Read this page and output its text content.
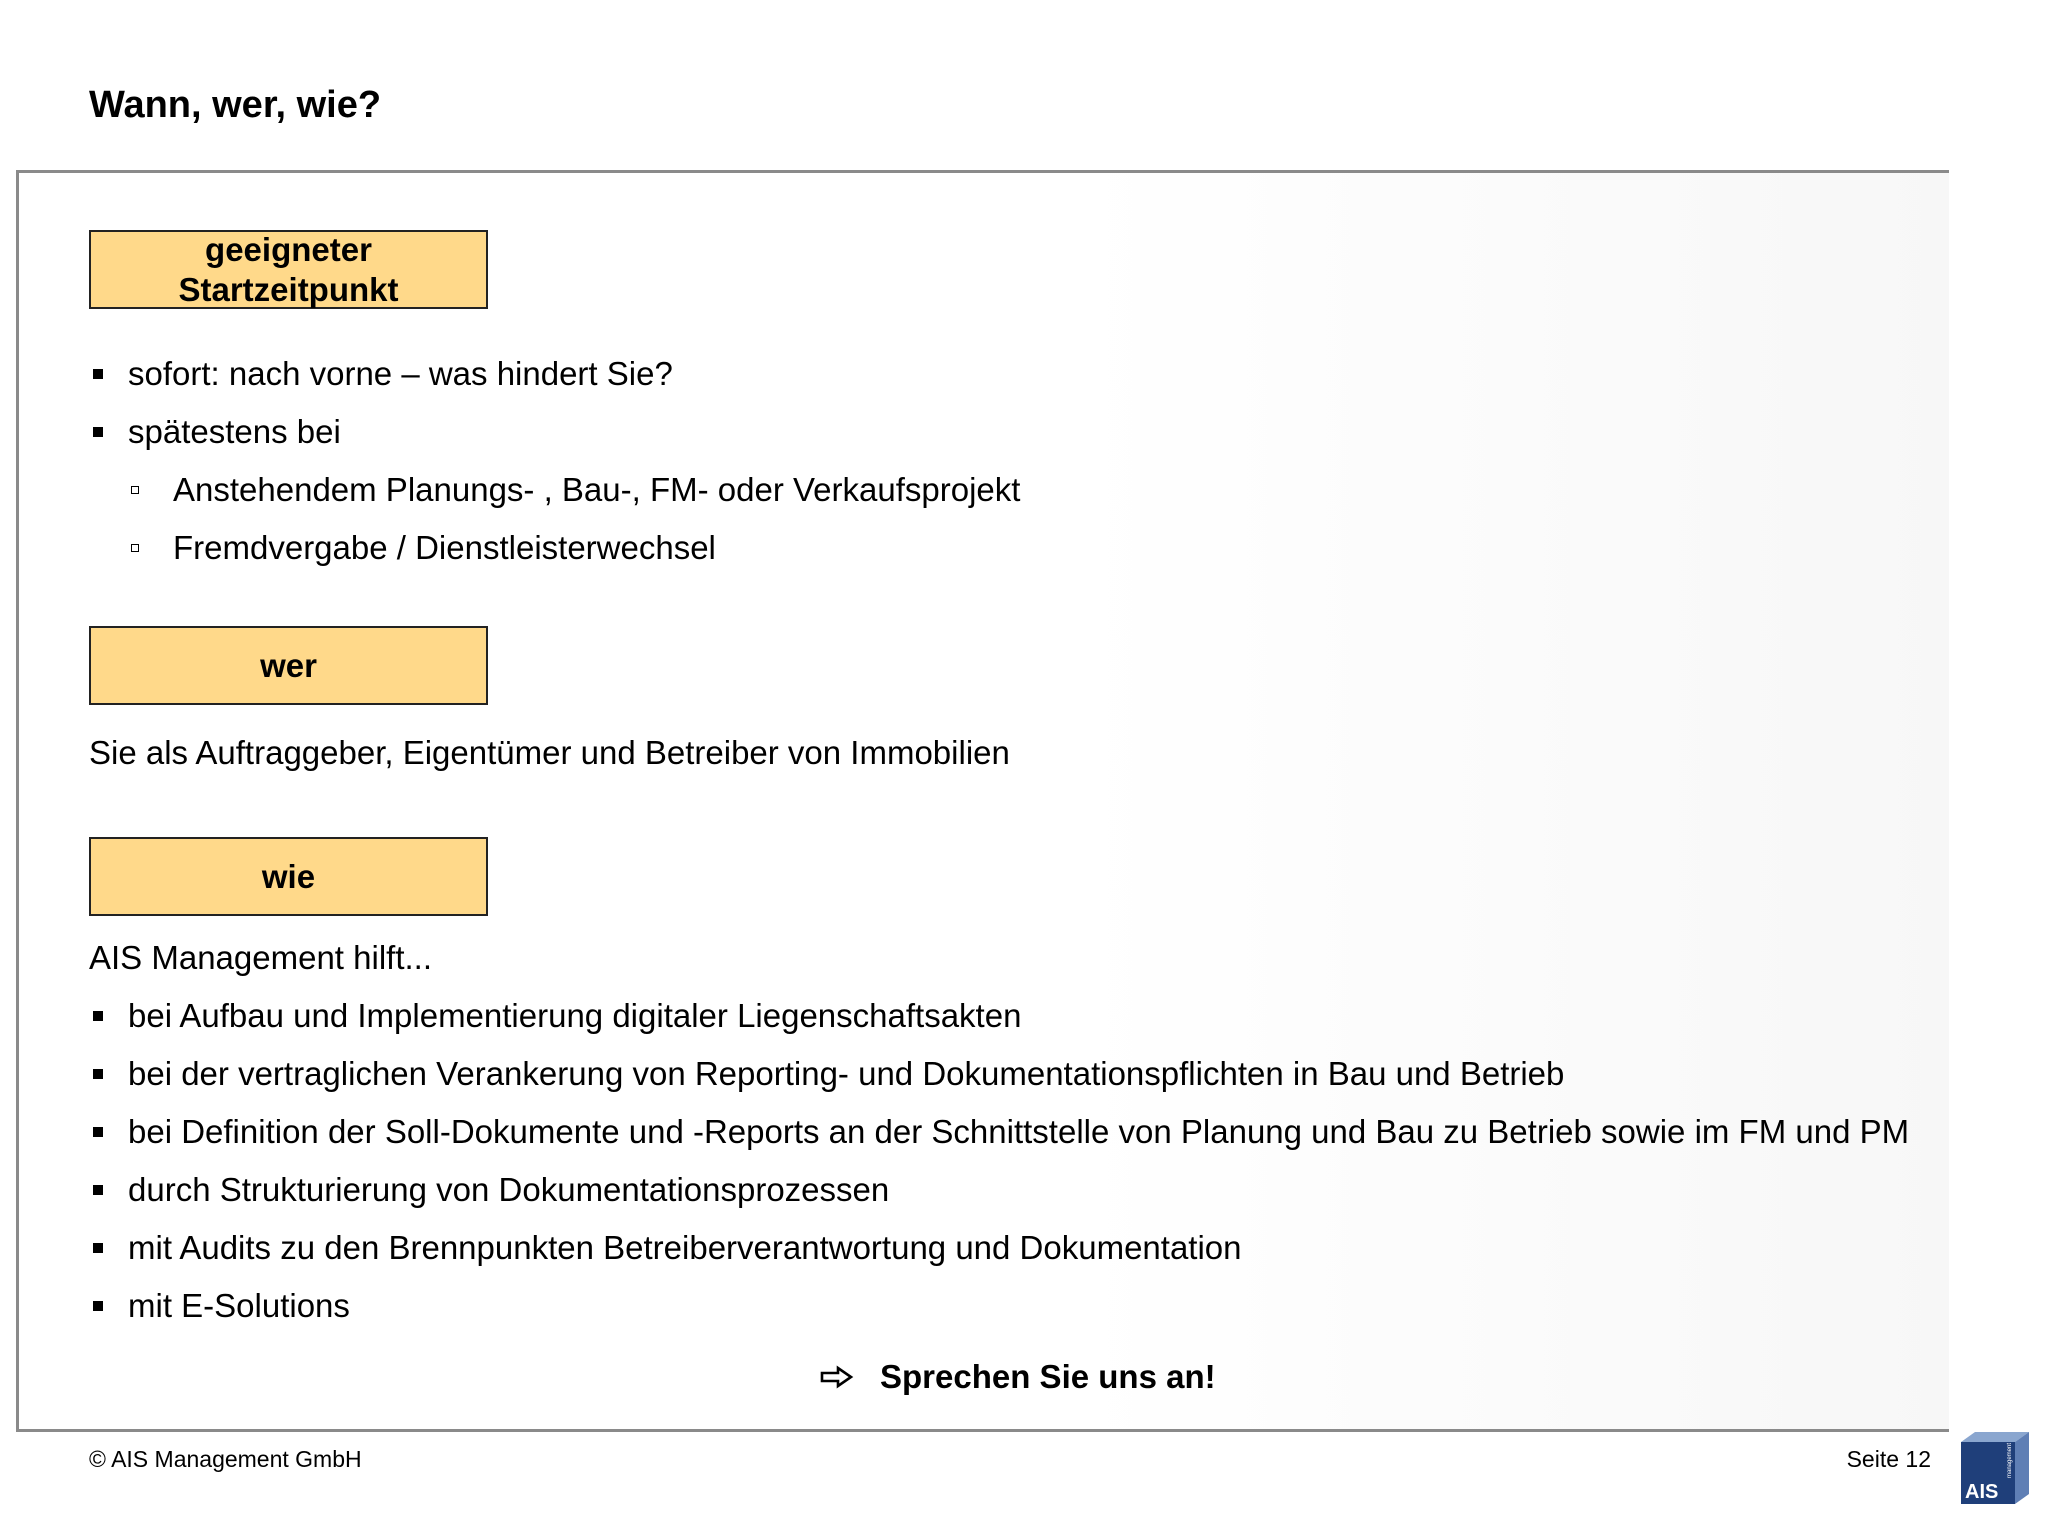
Wann, wer, wie?
geeigneter
Startzeitpunkt
sofort: nach vorne – was hindert Sie?
spätestens bei
Anstehendem Planungs- , Bau-, FM- oder Verkaufsprojekt
Fremdvergabe / Dienstleisterwechsel
wer
Sie als Auftraggeber, Eigentümer und Betreiber von Immobilien
wie
AIS Management hilft...
bei Aufbau und Implementierung digitaler Liegenschaftsakten
bei der vertraglichen Verankerung von Reporting- und Dokumentationspflichten in Bau und Betrieb
bei Definition der Soll-Dokumente und -Reports an der Schnittstelle von Planung und Bau zu Betrieb sowie im FM und PM
durch Strukturierung von Dokumentationsprozessen
mit Audits zu den Brennpunkten Betreiberverantwortung und Dokumentation
mit E-Solutions
Sprechen Sie uns an!
© AIS Management GmbH	Seite 12
AIS
management
